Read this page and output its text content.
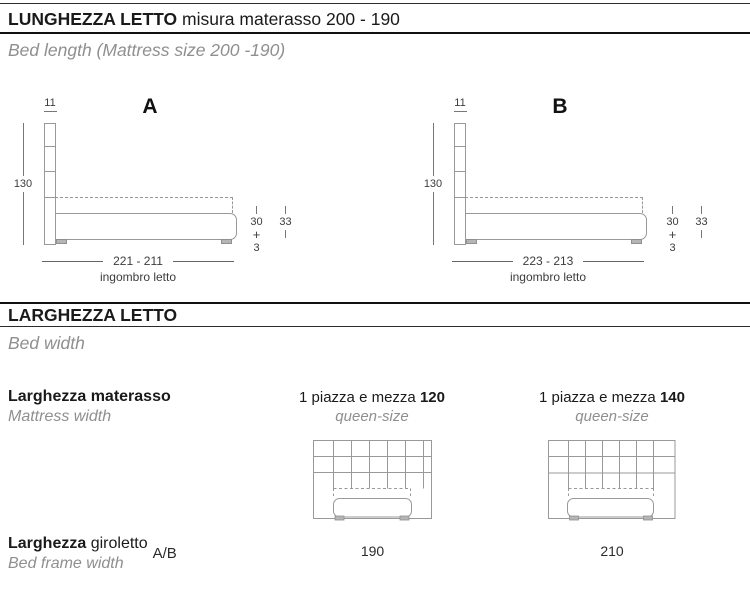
LUNGHEZZA LETTO misura materasso 200 - 190
Bed length (Mattress size 200 -190)
11	A
130
30
+
3
33
221 - 211
ingombro letto
11	B
130
30
+
3
33
223 - 213
ingombro letto
LARGHEZZA LETTO
Bed width
Larghezza materasso
Mattress width
1 piazza e mezza 120
queen-size
1 piazza e mezza 140
queen-size
Larghezza giroletto
Bed frame width
A/B	190	210
